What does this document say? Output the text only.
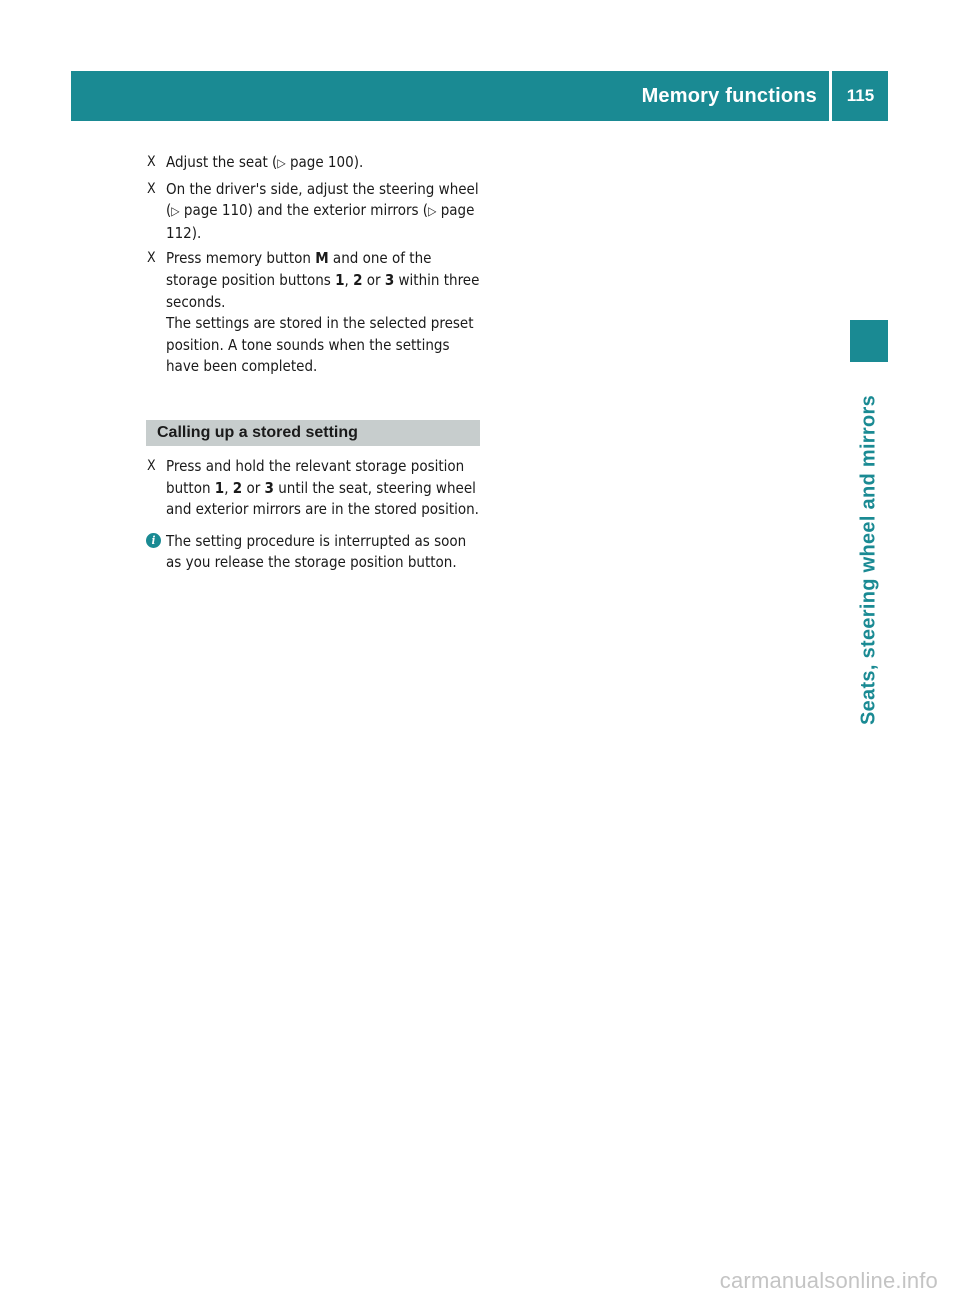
Memory functions	115
Seats, steering wheel and mirrors
X Adjust the seat (▷ page 100).
X On the driver's side, adjust the steering wheel (▷ page 110) and the exterior mirrors (▷ page 112).
X Press memory button M and one of the storage position buttons 1, 2 or 3 within three seconds.
The settings are stored in the selected preset position. A tone sounds when the settings have been completed.
Calling up a stored setting
X Press and hold the relevant storage position button 1, 2 or 3 until the seat, steering wheel and exterior mirrors are in the stored position.
i The setting procedure is interrupted as soon as you release the storage position button.
carmanualsonline.info
